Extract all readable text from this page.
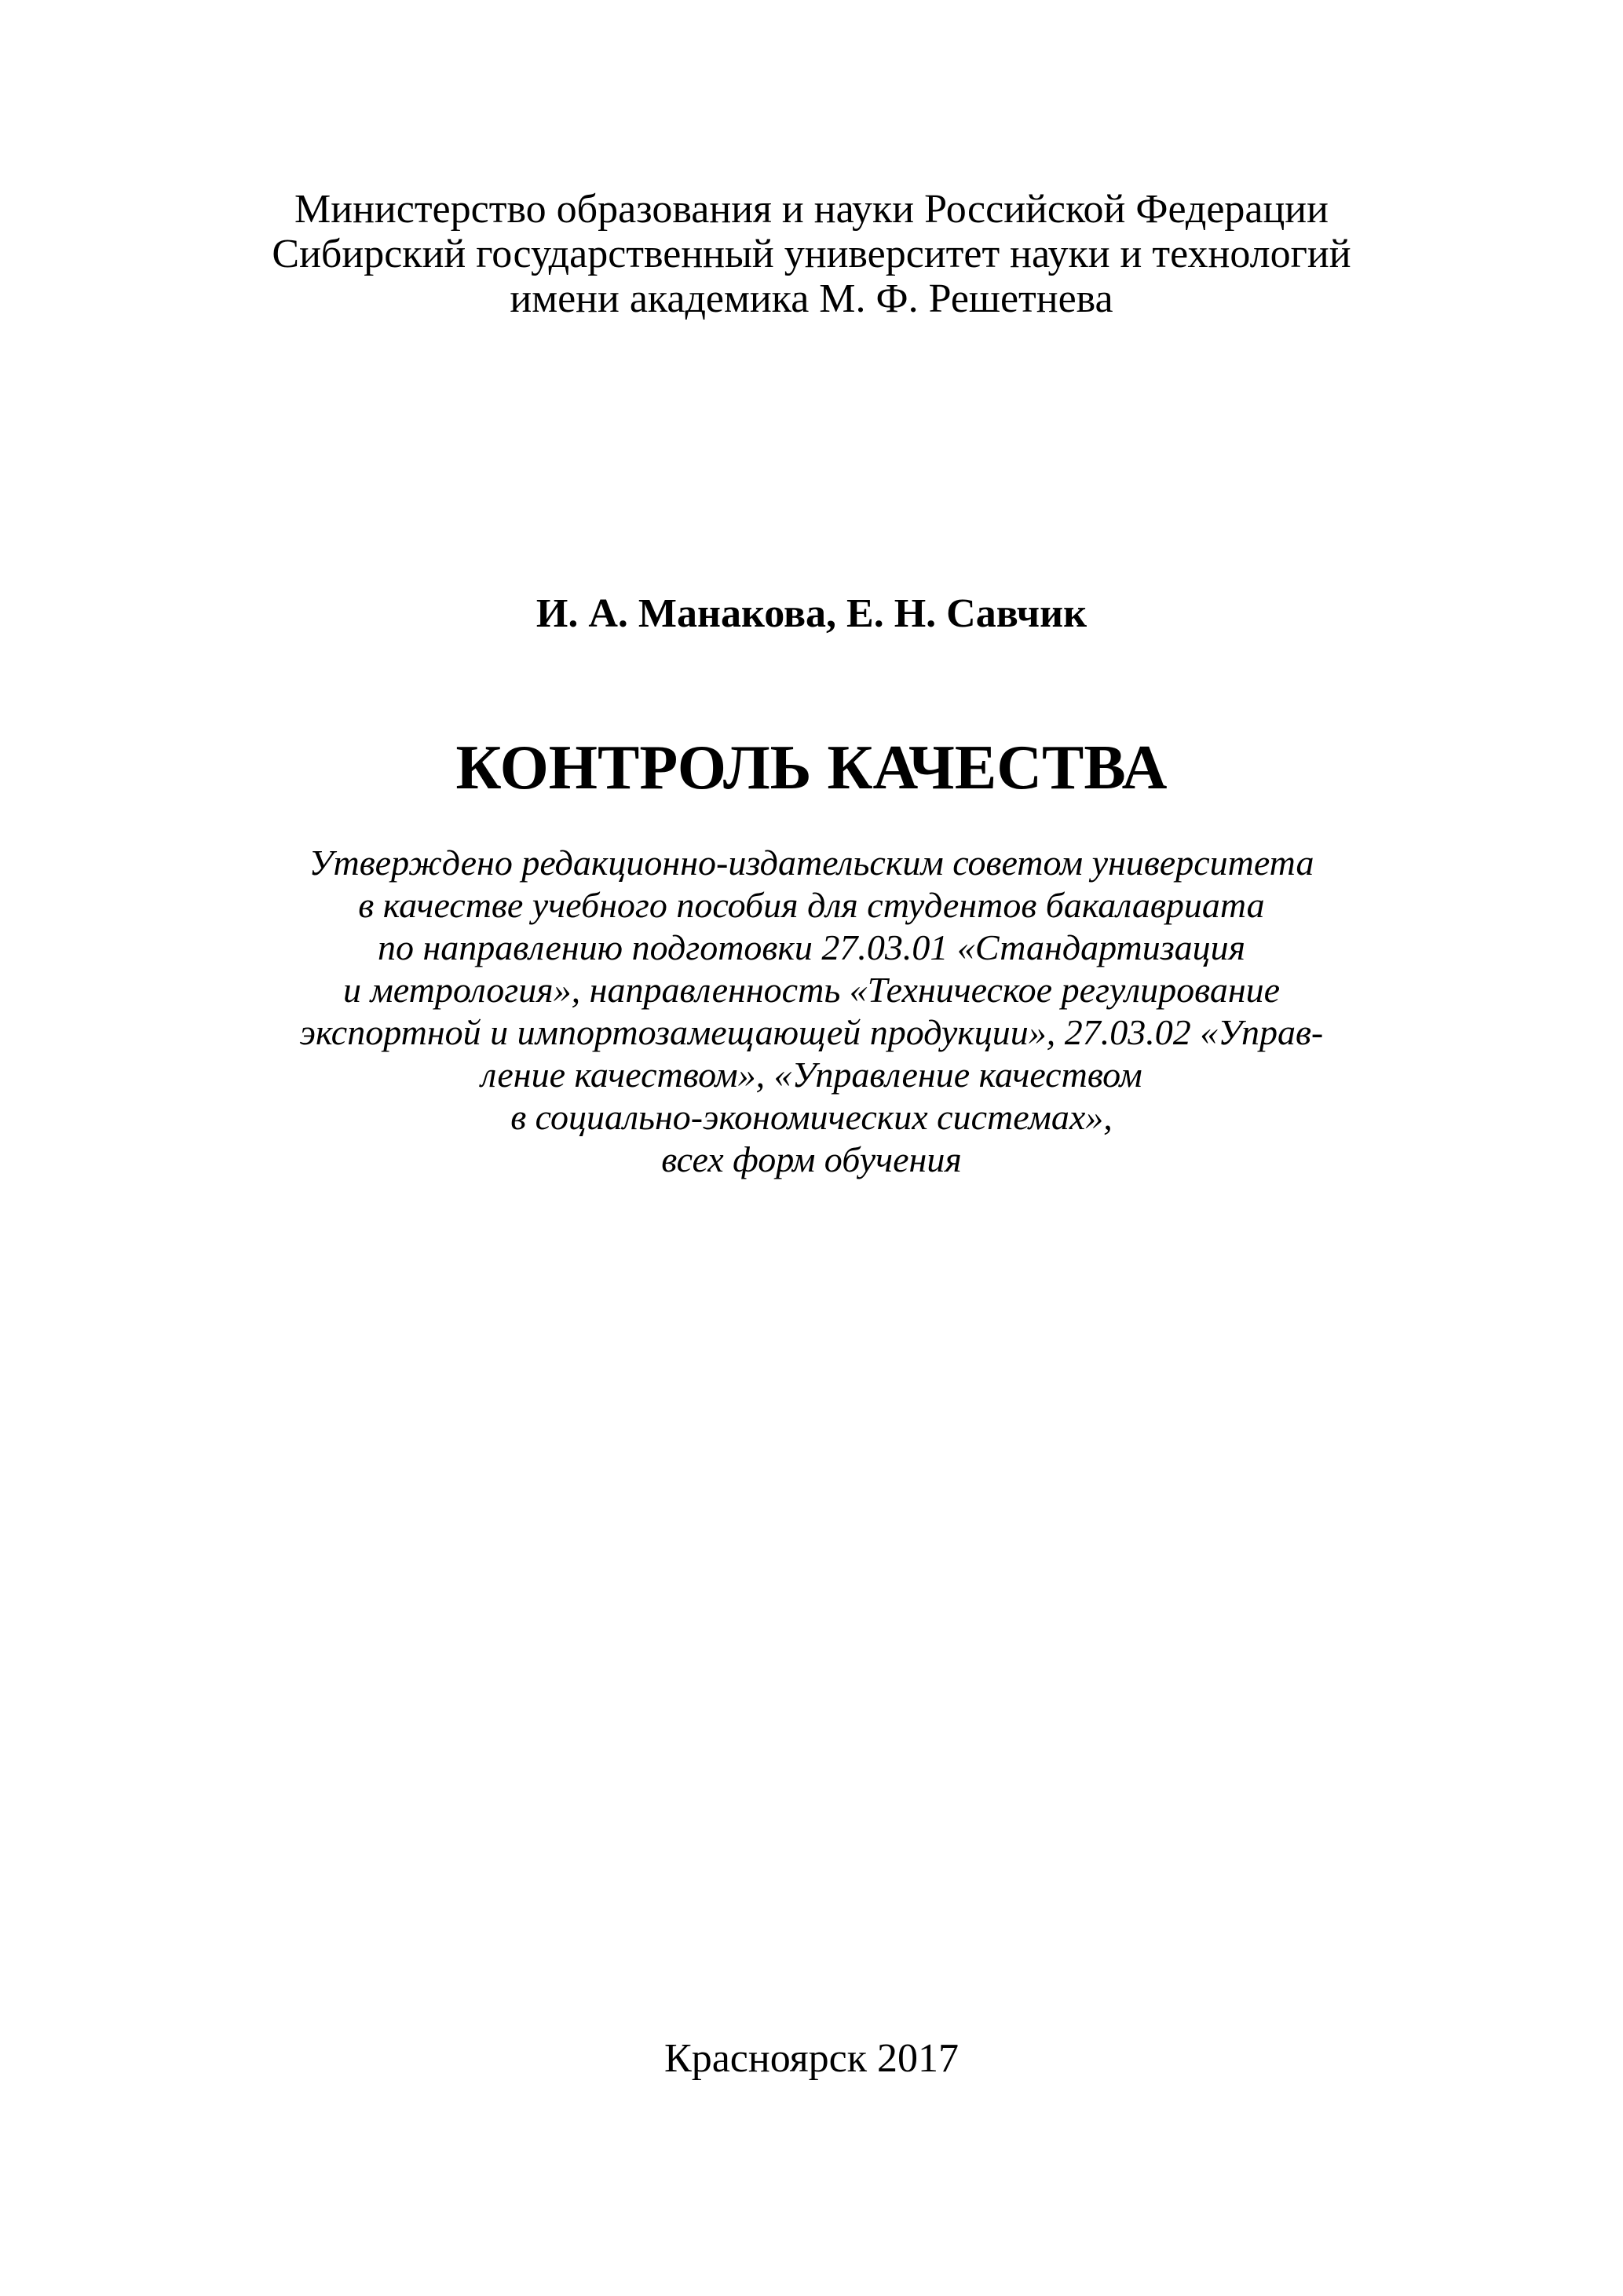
Министерство образования и науки Российской Федерации
Сибирский государственный университет науки и технологий
имени академика М. Ф. Решетнева
И. А. Манакова, Е. Н. Савчик
КОНТРОЛЬ КАЧЕСТВА
Утверждено редакционно-издательским советом университета
в качестве учебного пособия для студентов бакалавриата
по направлению подготовки 27.03.01 «Стандартизация
и метрология», направленность «Техническое регулирование
экспортной и импортозамещающей продукции», 27.03.02 «Управ-
ление качеством», «Управление качеством
в социально-экономических системах»,
всех форм обучения
Красноярск 2017
